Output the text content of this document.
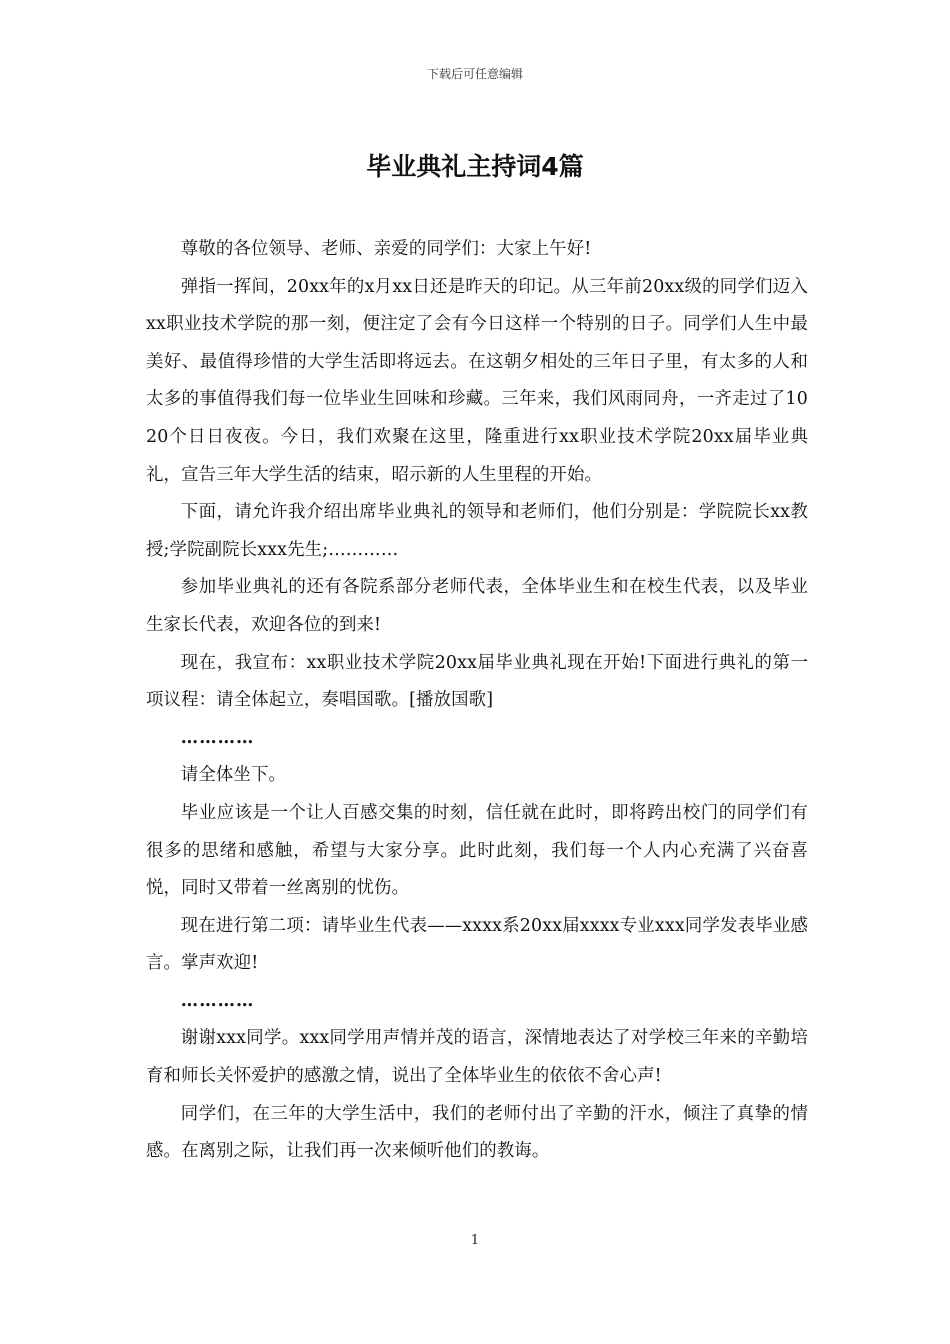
下载后可任意编辑
毕业典礼主持词4篇

尊敬的各位领导、老师、亲爱的同学们：大家上午好!

弹指一挥间，20xx年的x月xx日还是昨天的印记。从三年前20xx级的同学们迈入xx职业技术学院的那一刻，便注定了会有今日这样一个特别的日子。同学们人生中最美好、最值得珍惜的大学生活即将远去。在这朝夕相处的三年日子里，有太多的人和太多的事值得我们每一位毕业生回味和珍藏。三年来，我们风雨同舟，一齐走过了1020个日日夜夜。今日，我们欢聚在这里，隆重进行xx职业技术学院20xx届毕业典礼，宣告三年大学生活的结束，昭示新的人生里程的开始。

下面，请允许我介绍出席毕业典礼的领导和老师们，他们分别是：学院院长xx教授;学院副院长xxx先生;…………

参加毕业典礼的还有各院系部分老师代表，全体毕业生和在校生代表，以及毕业生家长代表，欢迎各位的到来!

现在，我宣布：xx职业技术学院20xx届毕业典礼现在开始!下面进行典礼的第一项议程：请全体起立，奏唱国歌。[播放国歌]

…………

请全体坐下。

毕业应该是一个让人百感交集的时刻，信任就在此时，即将跨出校门的同学们有很多的思绪和感触，希望与大家分享。此时此刻，我们每一个人内心充满了兴奋喜悦，同时又带着一丝离别的忧伤。

现在进行第二项：请毕业生代表——xxxx系20xx届xxxx专业xxx同学发表毕业感言。掌声欢迎!

…………

谢谢xxx同学。xxx同学用声情并茂的语言，深情地表达了对学校三年来的辛勤培育和师长关怀爱护的感激之情，说出了全体毕业生的依依不舍心声!

同学们，在三年的大学生活中，我们的老师付出了辛勤的汗水，倾注了真挚的情感。在离别之际，让我们再一次来倾听他们的教诲。

1
